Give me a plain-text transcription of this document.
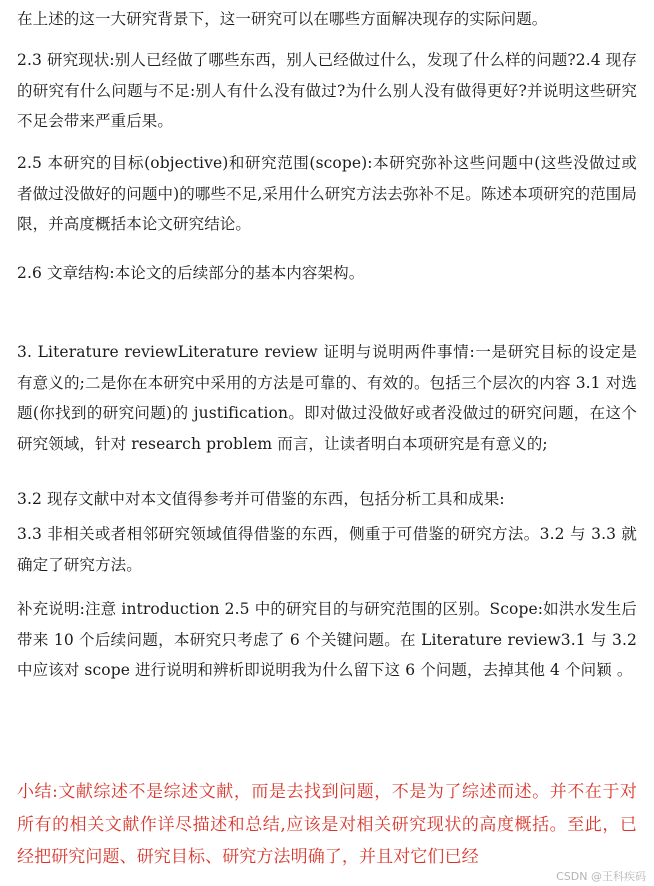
在上述的这一大研究背景下，这一研究可以在哪些方面解决现存的实际问题。

2.3 研究现状:别人已经做了哪些东西，别人已经做过什么，发现了什么样的问题?2.4 现存的研究有什么问题与不足:别人有什么没有做过?为什么别人没有做得更好?并说明这些研究不足会带来严重后果。

2.5 本研究的目标(objective)和研究范围(scope):本研究弥补这些问题中(这些没做过或者做过没做好的问题中)的哪些不足,采用什么研究方法去弥补不足。陈述本项研究的范围局限，并高度概括本论文研究结论。

2.6 文章结构:本论文的后续部分的基本内容架构。

3. Literature reviewLiterature review 证明与说明两件事情:一是研究目标的设定是有意义的;二是你在本研究中采用的方法是可靠的、有效的。包括三个层次的内容 3.1 对选题(你找到的研究问题)的 justification。即对做过没做好或者没做过的研究问题，在这个研究领域，针对 research problem 而言，让读者明白本项研究是有意义的;

3.2 现存文献中对本文值得参考并可借鉴的东西，包括分析工具和成果:

3.3 非相关或者相邻研究领域值得借鉴的东西，侧重于可借鉴的研究方法。3.2 与 3.3 就确定了研究方法。

补充说明:注意 introduction 2.5 中的研究目的与研究范围的区别。Scope:如洪水发生后带来 10 个后续问题，本研究只考虑了 6 个关键问题。在 Literature review3.1 与 3.2 中应该对 scope 进行说明和辨析即说明我为什么留下这 6 个问题，去掉其他 4 个问颖 。

小结:文献综述不是综述文献，而是去找到问题，不是为了综述而述。并不在于对所有的相关文献作详尽描述和总结,应该是对相关研究现状的高度概括。至此，已经把研究问题、研究目标、研究方法明确了，并且对它们已经

CSDN @王科疾码
